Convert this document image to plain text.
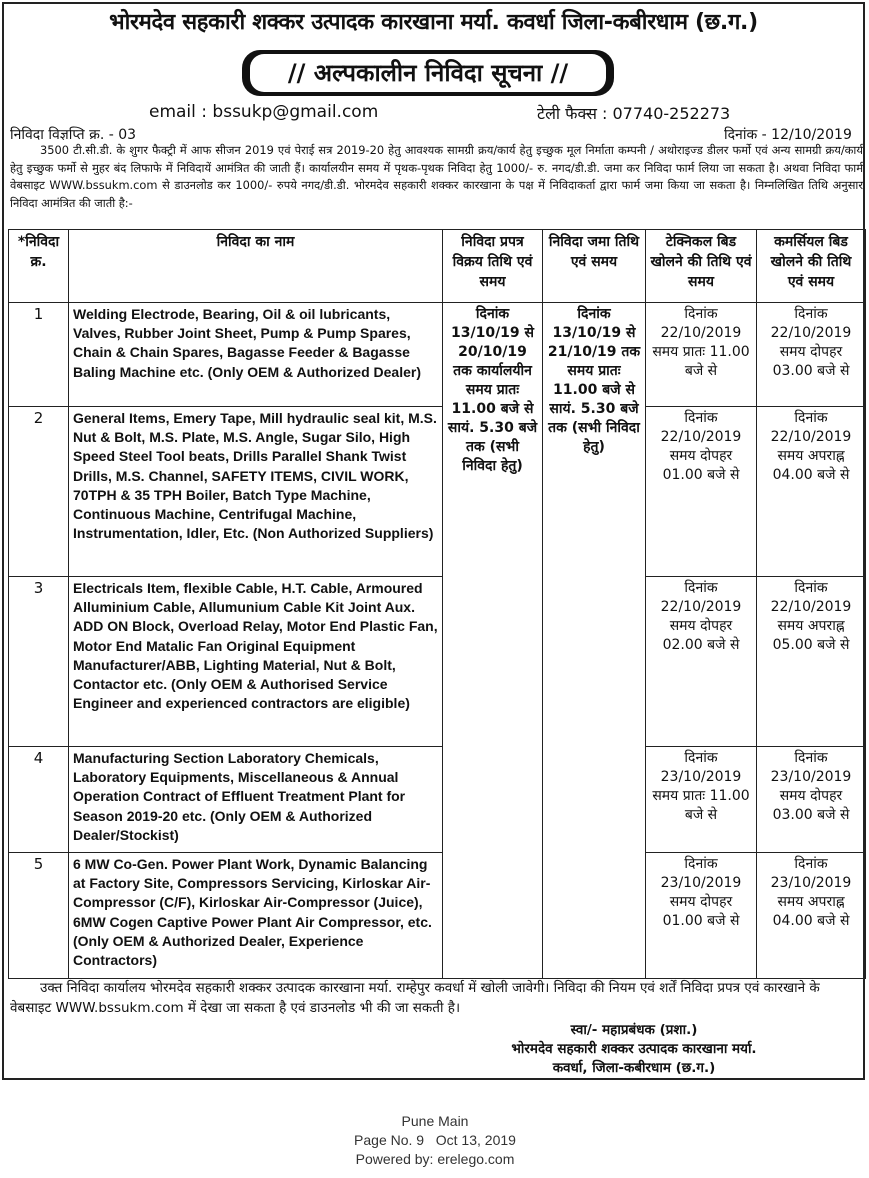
भोरमदेव सहकारी शक्कर उत्पादक कारखाना मर्या. कवर्धा जिला-कबीरधाम (छ.ग.)
// अल्पकालीन निविदा सूचना //
email : bssukp@gmail.com	टेली फैक्स : 07740-252273
निविदा विज्ञप्ति क्र. - 03	दिनांक - 12/10/2019
3500 टी.सी.डी. के शुगर फैक्ट्री में आफ सीजन 2019 एवं पेराई सत्र 2019-20 हेतु आवश्यक सामग्री क्रय/कार्य हेतु इच्छुक मूल निर्माता कम्पनी / अथोराइज्ड डीलर फर्मो एवं अन्य सामग्री क्रय/कार्य हेतु इच्छुक फर्मो से मुहर बंद लिफाफे में निविदायें आमंत्रित की जाती हैं। कार्यालयीन समय में पृथक-पृथक निविदा हेतु 1000/- रु. नगद/डी.डी. जमा कर निविदा फार्म लिया जा सकता है। अथवा निविदा फार्म वेबसाइट WWW.bssukm.com से डाउनलोड कर 1000/- रुपये नगद/डी.डी. भोरमदेव सहकारी शक्कर कारखाना के पक्ष में निविदाकर्ता द्वारा फार्म जमा किया जा सकता है। निम्नलिखित तिथि अनुसार निविदा आमंत्रित की जाती है:-
*निविदा क्र.	निविदा का नाम	निविदा प्रपत्र विक्रय तिथि एवं समय	निविदा जमा तिथि एवं समय	टेक्निकल बिड खोलने की तिथि एवं समय	कमर्सियल बिड खोलने की तिथि एवं समय
1	Welding Electrode, Bearing, Oil & oil lubricants, Valves, Rubber Joint Sheet, Pump & Pump Spares, Chain & Chain Spares, Bagasse Feeder & Bagasse Baling Machine etc. (Only OEM & Authorized Dealer)	दिनांक 13/10/19 से 20/10/19 तक कार्यालयीन समय प्रातः 11.00 बजे से सायं. 5.30 बजे तक (सभी निविदा हेतु)	दिनांक 13/10/19 से 21/10/19 तक समय प्रातः 11.00 बजे से सायं. 5.30 बजे तक (सभी निविदा हेतु)	दिनांक 22/10/2019 समय प्रातः 11.00 बजे से	दिनांक 22/10/2019 समय दोपहर 03.00 बजे से
2	General Items, Emery Tape, Mill hydraulic seal kit, M.S. Nut & Bolt, M.S. Plate, M.S. Angle, Sugar Silo, High Speed Steel Tool beats, Drills Parallel Shank Twist Drills, M.S. Channel, SAFETY ITEMS, CIVIL WORK, 70TPH & 35 TPH Boiler, Batch Type Machine, Continuous Machine, Centrifugal Machine, Instrumentation, Idler, Etc. (Non Authorized Suppliers)			दिनांक 22/10/2019 समय दोपहर 01.00 बजे से	दिनांक 22/10/2019 समय अपराह्न 04.00 बजे से
3	Electricals Item, flexible Cable, H.T. Cable, Armoured Alluminium Cable, Allumunium Cable Kit Joint Aux. ADD ON Block, Overload Relay, Motor End Plastic Fan, Motor End Matalic Fan Original Equipment Manufacturer/ABB, Lighting Material, Nut & Bolt, Contactor etc. (Only OEM & Authorised Service Engineer and experienced contractors are eligible)			दिनांक 22/10/2019 समय दोपहर 02.00 बजे से	दिनांक 22/10/2019 समय अपराह्न 05.00 बजे से
4	Manufacturing Section Laboratory Chemicals, Laboratory Equipments, Miscellaneous & Annual Operation Contract of Effluent Treatment Plant for Season 2019-20 etc. (Only OEM & Authorized Dealer/Stockist)			दिनांक 23/10/2019 समय प्रातः 11.00 बजे से	दिनांक 23/10/2019 समय दोपहर 03.00 बजे से
5	6 MW Co-Gen. Power Plant Work, Dynamic Balancing at Factory Site, Compressors Servicing, Kirloskar Air-Compressor (C/F), Kirloskar Air-Compressor (Juice), 6MW Cogen Captive Power Plant Air Compressor, etc. (Only OEM & Authorized Dealer, Experience Contractors)			दिनांक 23/10/2019 समय दोपहर 01.00 बजे से	दिनांक 23/10/2019 समय अपराह्न 04.00 बजे से
उक्त निविदा कार्यालय भोरमदेव सहकारी शक्कर उत्पादक कारखाना मर्या. राम्हेपुर कवर्धा में खोली जावेगी। निविदा की नियम एवं शर्तें निविदा प्रपत्र एवं कारखाने के वेबसाइट WWW.bssukm.com में देखा जा सकता है एवं डाउनलोड भी की जा सकती है।
स्वा/- महाप्रबंधक (प्रशा.)
भोरमदेव सहकारी शक्कर उत्पादक कारखाना मर्या.
कवर्धा, जिला-कबीरधाम (छ.ग.)
Pune Main
Page No. 9   Oct 13, 2019
Powered by: erelego.com
